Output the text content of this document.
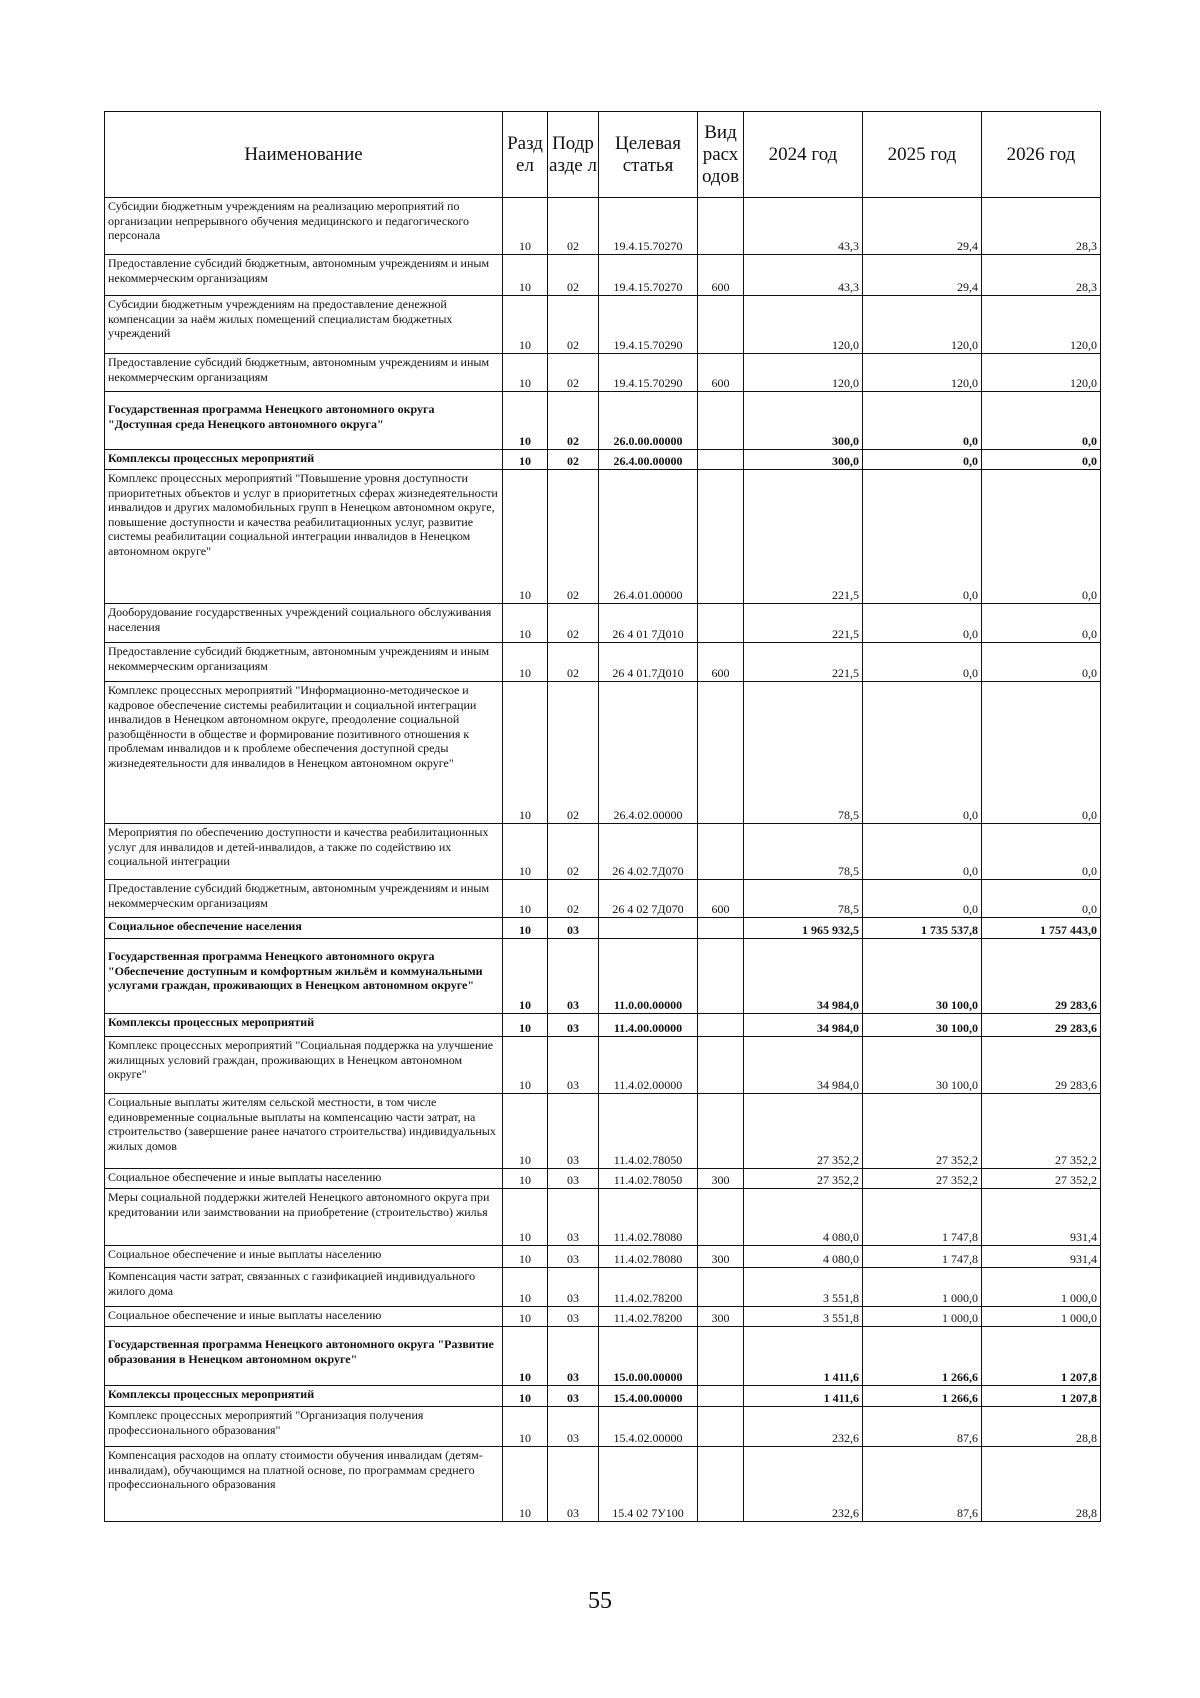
Наименование	Разд ел	Подр азде л	Целевая статья	Вид расх одов	2024 год	2025 год	2026 год
Субсидии бюджетным учреждениям на реализацию мероприятий по организации непрерывного обучения медицинского и педагогического персонала	10	02	19.4.15.70270		43,3	29,4	28,3
Предоставление субсидий бюджетным, автономным учреждениям и иным некоммерческим организациям	10	02	19.4.15.70270	600	43,3	29,4	28,3
Субсидии бюджетным учреждениям на предоставление денежной компенсации за наём жилых помещений специалистам бюджетных учреждений	10	02	19.4.15.70290		120,0	120,0	120,0
Предоставление субсидий бюджетным, автономным учреждениям и иным некоммерческим организациям	10	02	19.4.15.70290	600	120,0	120,0	120,0
Государственная программа Ненецкого автономного округа "Доступная среда Ненецкого автономного округа"	10	02	26.0.00.00000		300,0	0,0	0,0
Комплексы процессных мероприятий	10	02	26.4.00.00000		300,0	0,0	0,0
Комплекс процессных мероприятий "Повышение уровня доступности приоритетных объектов и услуг в приоритетных сферах жизнедеятельности инвалидов и других маломобильных групп в Ненецком автономном округе, повышение доступности и качества реабилитационных услуг, развитие системы реабилитации социальной интеграции инвалидов в Ненецком автономном округе"	10	02	26.4.01.00000		221,5	0,0	0,0
Дооборудование государственных учреждений социального обслуживания населения	10	02	26 4 01 7Д010		221,5	0,0	0,0
Предоставление субсидий бюджетным, автономным учреждениям и иным некоммерческим организациям	10	02	26 4 01.7Д010	600	221,5	0,0	0,0
Комплекс процессных мероприятий "Информационно-методическое и кадровое обеспечение системы реабилитации и социальной интеграции инвалидов в Ненецком автономном округе, преодоление социальной разобщённости в обществе и формирование позитивного отношения к проблемам инвалидов и к проблеме обеспечения доступной среды жизнедеятельности для инвалидов в Ненецком автономном округе"	10	02	26.4.02.00000		78,5	0,0	0,0
Мероприятия по обеспечению доступности и качества реабилитационных услуг для инвалидов и детей-инвалидов, а также по содействию их социальной интеграции	10	02	26 4.02.7Д070		78,5	0,0	0,0
Предоставление субсидий бюджетным, автономным учреждениям и иным некоммерческим организациям	10	02	26 4 02 7Д070	600	78,5	0,0	0,0
Социальное обеспечение населения	10	03			1 965 932,5	1 735 537,8	1 757 443,0
Государственная программа Ненецкого автономного округа "Обеспечение доступным и комфортным жильём и коммунальными услугами граждан, проживающих в Ненецком автономном округе"	10	03	11.0.00.00000		34 984,0	30 100,0	29 283,6
Комплексы процессных мероприятий	10	03	11.4.00.00000		34 984,0	30 100,0	29 283,6
Комплекс процессных мероприятий "Социальная поддержка на улучшение жилищных условий граждан, проживающих в Ненецком автономном округе"	10	03	11.4.02.00000		34 984,0	30 100,0	29 283,6
Социальные выплаты жителям сельской местности, в том числе единовременные социальные выплаты на компенсацию части затрат, на строительство (завершение ранее начатого строительства) индивидуальных жилых домов	10	03	11.4.02.78050		27 352,2	27 352,2	27 352,2
Социальное обеспечение и иные выплаты населению	10	03	11.4.02.78050	300	27 352,2	27 352,2	27 352,2
Меры социальной поддержки жителей Ненецкого автономного округа при кредитовании или заимствовании на приобретение (строительство) жилья	10	03	11.4.02.78080		4 080,0	1 747,8	931,4
Социальное обеспечение и иные выплаты населению	10	03	11.4.02.78080	300	4 080,0	1 747,8	931,4
Компенсация части затрат, связанных с газификацией индивидуального жилого дома	10	03	11.4.02.78200		3 551,8	1 000,0	1 000,0
Социальное обеспечение и иные выплаты населению	10	03	11.4.02.78200	300	3 551,8	1 000,0	1 000,0
Государственная программа Ненецкого автономного округа "Развитие образования в Ненецком автономном округе"	10	03	15.0.00.00000		1 411,6	1 266,6	1 207,8
Комплексы процессных мероприятий	10	03	15.4.00.00000		1 411,6	1 266,6	1 207,8
Комплекс процессных мероприятий "Организация получения профессионального образования"	10	03	15.4.02.00000		232,6	87,6	28,8
Компенсация расходов на оплату стоимости обучения инвалидам (детям-инвалидам), обучающимся на платной основе, по программам среднего профессионального образования	10	03	15.4 02 7У100		232,6	87,6	28,8
55
